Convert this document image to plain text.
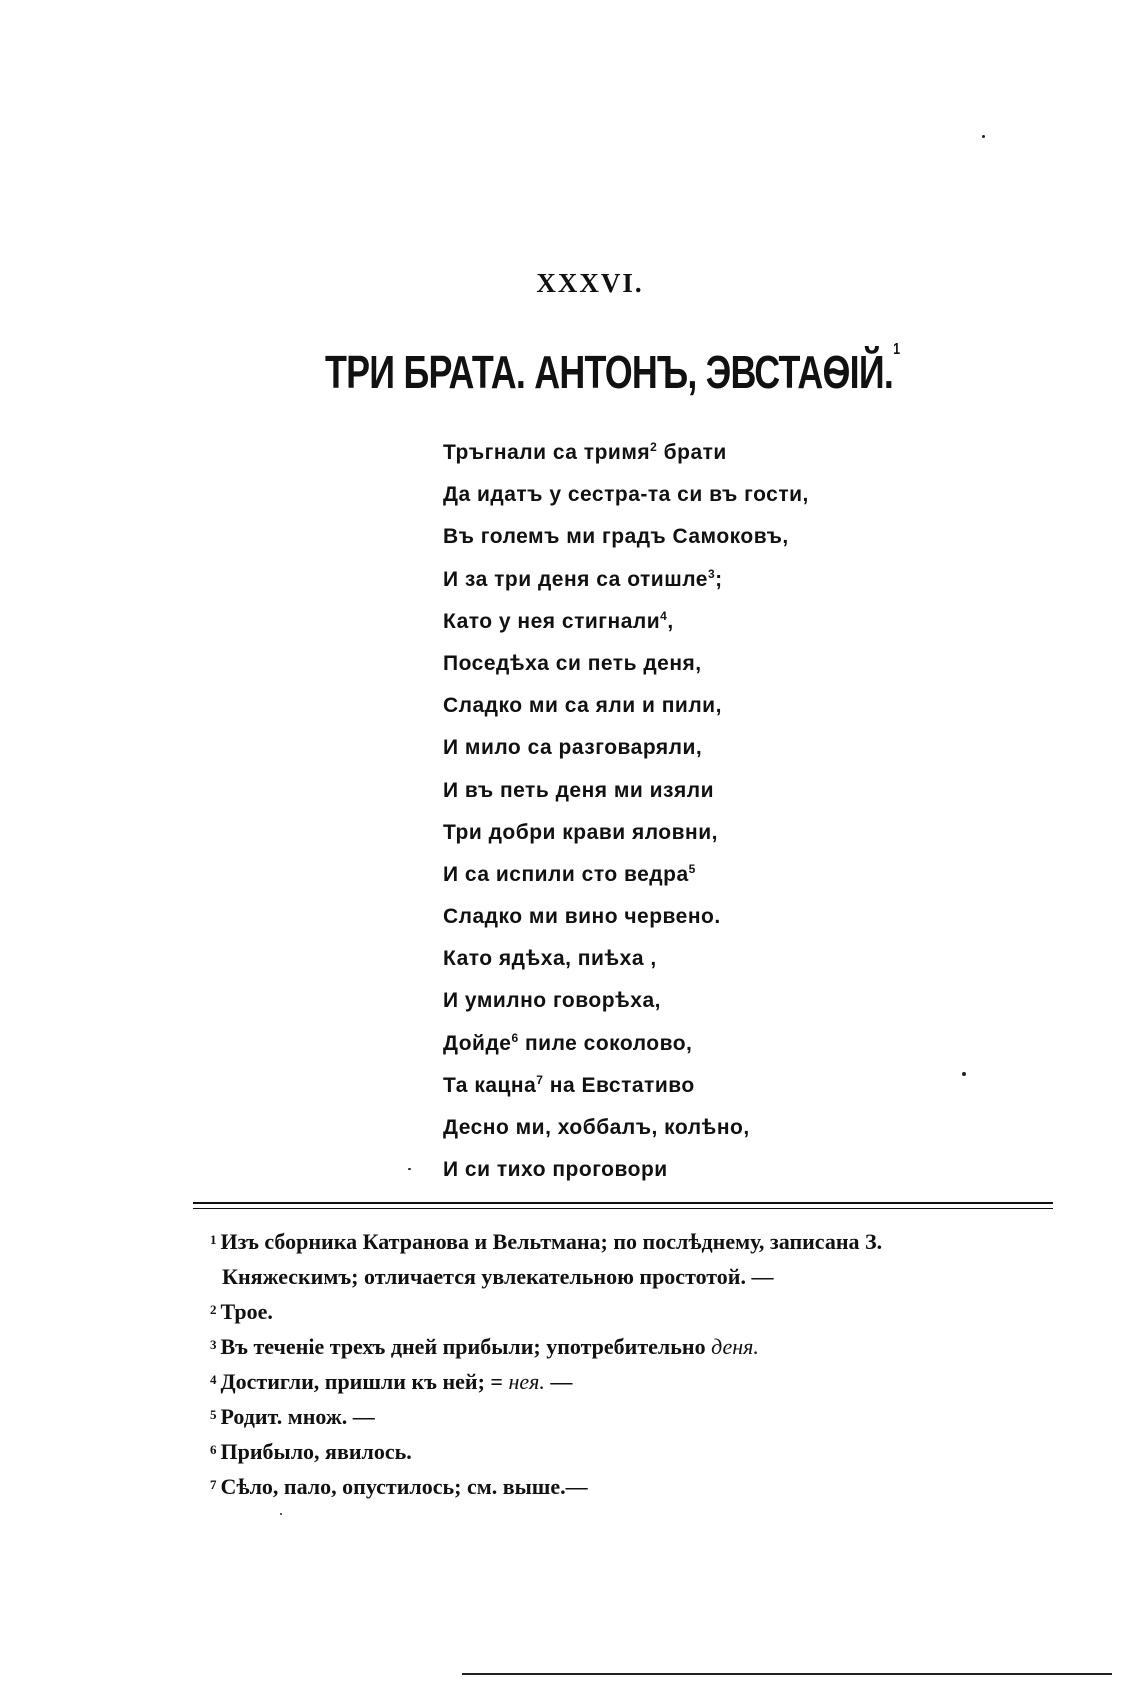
XXXVI.
ТРИ БРАТА. АНТОНЪ, ЭВСТАѲІЙ.$^1$
Тръгнали са тримя$^2$ брати
Да идатъ у сестра-та си въ гости,
Въ големъ ми градъ Самоковъ,
И за три деня са отишле$^3$;
Като у нея стигнали$^4$,
Поседѣха си петь деня,
Сладко ми са яли и пили,
И мило са разговаряли,
И въ петь деня ми изяли
Три добри крави яловни,
И са испили сто ведра$^5$
Сладко ми вино червено.
Като ядѣха, пиѣха ,
И умилно говорѣха,
Дойде$^6$ пиле соколово,
Та кацна$^7$ на Евстативо
Десно ми, хоббалъ, колѣно,
И си тихо проговори
$^1$ Изъ сборника Катранова и Вельтмана; по послѣднему, записана З.
Княжескимъ; отличается увлекательною простотой. —
$^2$ Трое.
$^3$ Въ теченіе трехъ дней прибыли; употребительно деня.
$^4$ Достигли, пришли къ ней; = нея. —
$^5$ Родит. множ. —
$^6$ Прибыло, явилось.
$^7$ Сѣло, пало, опустилось; см. выше.—
